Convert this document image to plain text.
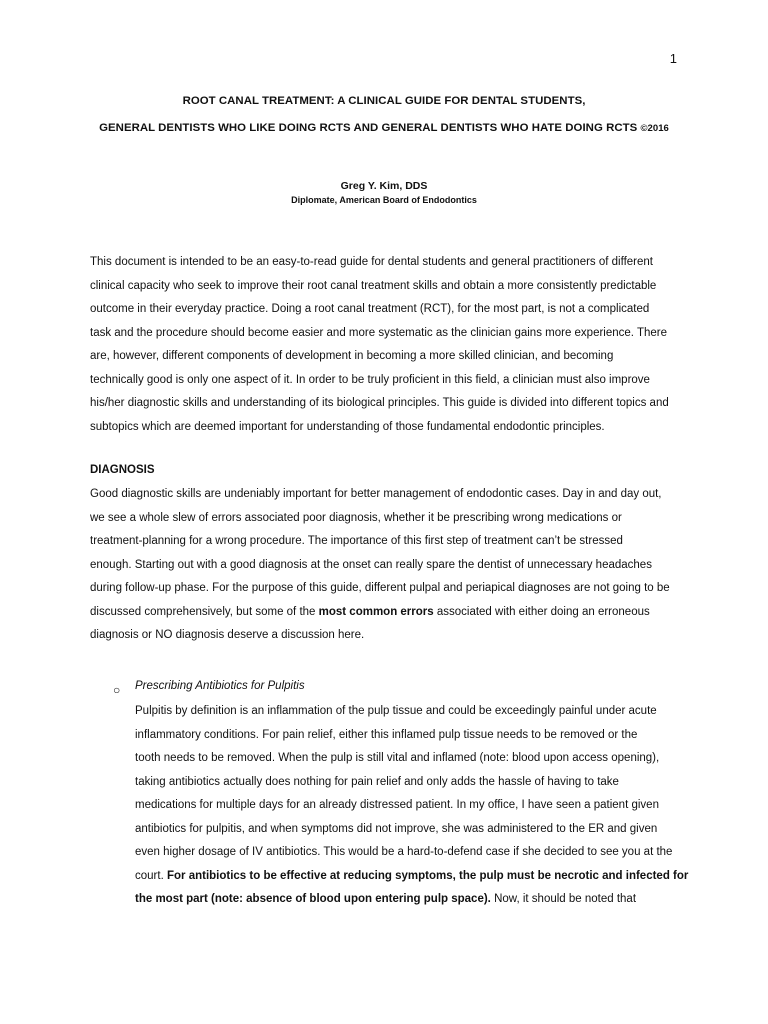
1
ROOT CANAL TREATMENT: A CLINICAL GUIDE FOR DENTAL STUDENTS,
GENERAL DENTISTS WHO LIKE DOING RCTS AND GENERAL DENTISTS WHO HATE DOING RCTS ©2016
Greg Y. Kim, DDS
Diplomate, American Board of Endodontics
This document is intended to be an easy-to-read guide for dental students and general practitioners of different
clinical capacity who seek to improve their root canal treatment skills and obtain a more consistently predictable
outcome in their everyday practice. Doing a root canal treatment (RCT), for the most part, is not a complicated
task and the procedure should become easier and more systematic as the clinician gains more experience. There
are, however, different components of development in becoming a more skilled clinician, and becoming
technically good is only one aspect of it. In order to be truly proficient in this field, a clinician must also improve
his/her diagnostic skills and understanding of its biological principles. This guide is divided into different topics and
subtopics which are deemed important for understanding of those fundamental endodontic principles.
DIAGNOSIS
Good diagnostic skills are undeniably important for better management of endodontic cases. Day in and day out,
we see a whole slew of errors associated poor diagnosis, whether it be prescribing wrong medications or
treatment-planning for a wrong procedure. The importance of this first step of treatment can’t be stressed
enough. Starting out with a good diagnosis at the onset can really spare the dentist of unnecessary headaches
during follow-up phase. For the purpose of this guide, different pulpal and periapical diagnoses are not going to be
discussed comprehensively, but some of the most common errors associated with either doing an erroneous
diagnosis or NO diagnosis deserve a discussion here.
○ Prescribing Antibiotics for Pulpitis
Pulpitis by definition is an inflammation of the pulp tissue and could be exceedingly painful under acute
inflammatory conditions. For pain relief, either this inflamed pulp tissue needs to be removed or the
tooth needs to be removed. When the pulp is still vital and inflamed (note: blood upon access opening),
taking antibiotics actually does nothing for pain relief and only adds the hassle of having to take
medications for multiple days for an already distressed patient. In my office, I have seen a patient given
antibiotics for pulpitis, and when symptoms did not improve, she was administered to the ER and given
even higher dosage of IV antibiotics. This would be a hard-to-defend case if she decided to see you at the
court. For antibiotics to be effective at reducing symptoms, the pulp must be necrotic and infected for
the most part (note: absence of blood upon entering pulp space). Now, it should be noted that
